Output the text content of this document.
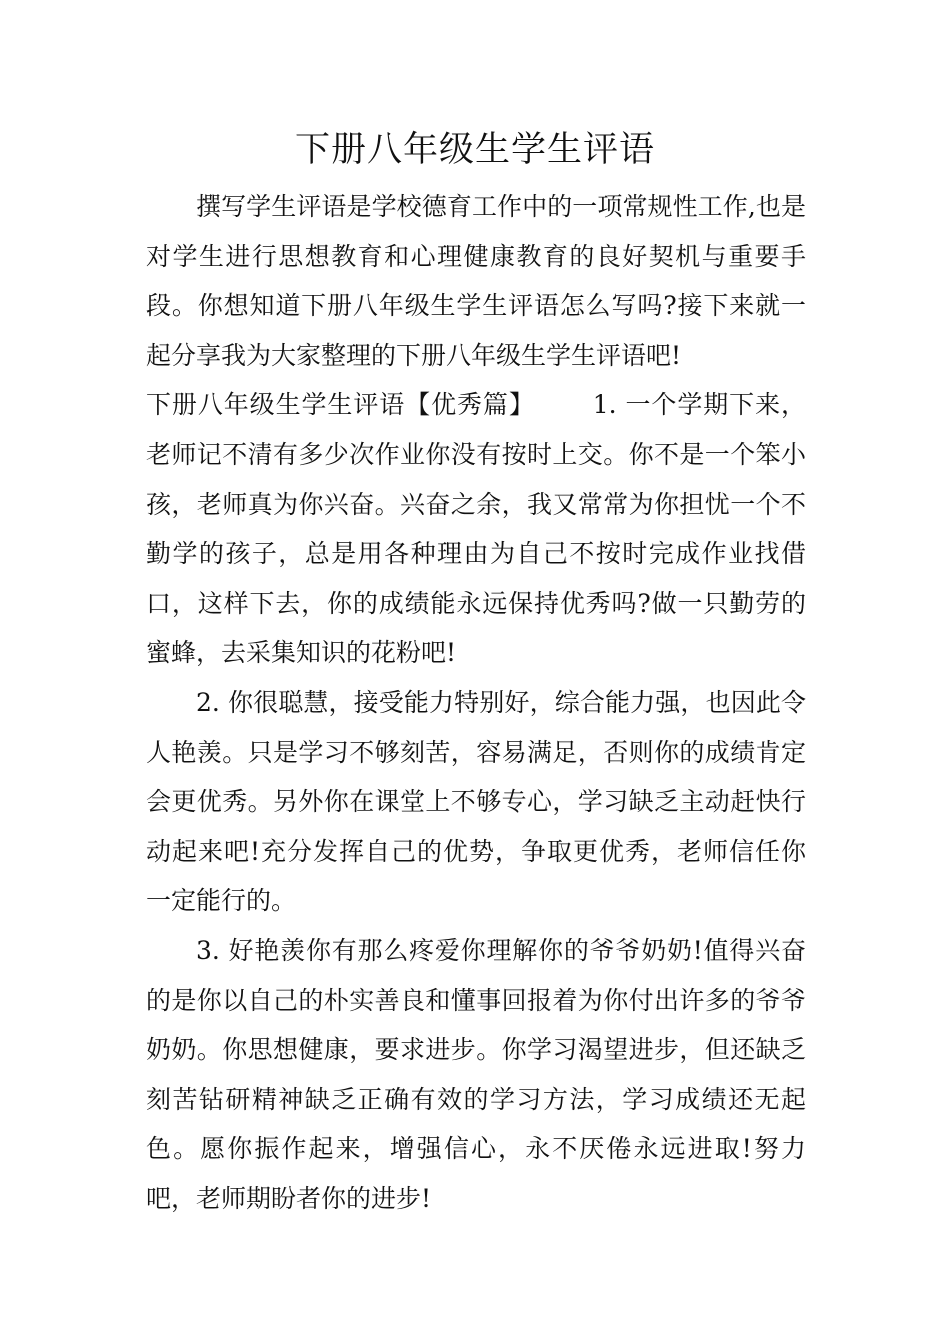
下册八年级生学生评语

撰写学生评语是学校德育工作中的一项常规性工作,也是对学生进行思想教育和心理健康教育的良好契机与重要手段。你想知道下册八年级生学生评语怎么写吗?接下来就一起分享我为大家整理的下册八年级生学生评语吧!

下册八年级生学生评语【优秀篇】 1. 一个学期下来，老师记不清有多少次作业你没有按时上交。你不是一个笨小孩，老师真为你兴奋。兴奋之余，我又常常为你担忧一个不勤学的孩子，总是用各种理由为自己不按时完成作业找借口，这样下去，你的成绩能永远保持优秀吗?做一只勤劳的蜜蜂，去采集知识的花粉吧!

2. 你很聪慧，接受能力特别好，综合能力强，也因此令人艳羡。只是学习不够刻苦，容易满足，否则你的成绩肯定会更优秀。另外你在课堂上不够专心，学习缺乏主动赶快行动起来吧!充分发挥自己的优势，争取更优秀，老师信任你一定能行的。

3. 好艳羡你有那么疼爱你理解你的爷爷奶奶!值得兴奋的是你以自己的朴实善良和懂事回报着为你付出许多的爷爷奶奶。你思想健康，要求进步。你学习渴望进步，但还缺乏刻苦钻研精神缺乏正确有效的学习方法，学习成绩还无起色。愿你振作起来，增强信心，永不厌倦永远进取!努力吧，老师期盼者你的进步!
